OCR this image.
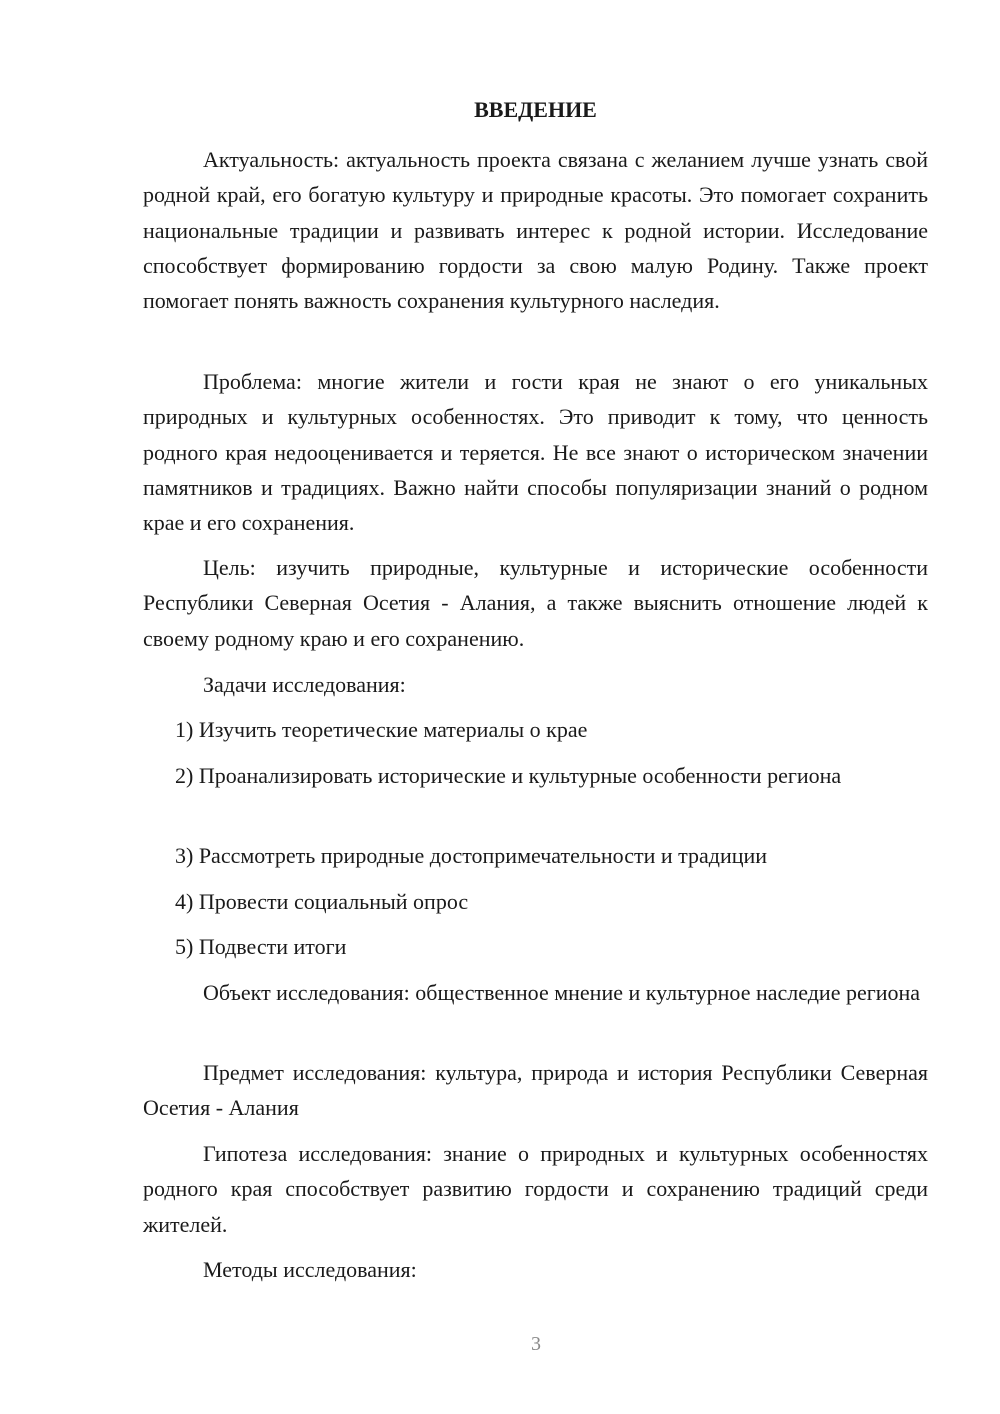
ВВЕДЕНИЕ

Актуальность: актуальность проекта связана с желанием лучше узнать свой родной край, его богатую культуру и природные красоты. Это помогает сохранить национальные традиции и развивать интерес к родной истории. Исследование способствует формированию гордости за свою малую Родину. Также проект помогает понять важность сохранения культурного наследия.

Проблема: многие жители и гости края не знают о его уникальных природных и культурных особенностях. Это приводит к тому, что ценность родного края недооценивается и теряется. Не все знают о историческом значении памятников и традициях. Важно найти способы популяризации знаний о родном крае и его сохранения.

Цель: изучить природные, культурные и исторические особенности Республики Северная Осетия - Алания, а также выяснить отношение людей к своему родному краю и его сохранению.

Задачи исследования:

1) Изучить теоретические материалы о крае

2) Проанализировать исторические и культурные особенности региона

3) Рассмотреть природные достопримечательности и традиции

4) Провести социальный опрос

5) Подвести итоги

Объект исследования: общественное мнение и культурное наследие региона

Предмет исследования: культура, природа и история Республики Северная Осетия - Алания

Гипотеза исследования: знание о природных и культурных особенностях родного края способствует развитию гордости и сохранению традиций среди жителей.

Методы исследования:

3
